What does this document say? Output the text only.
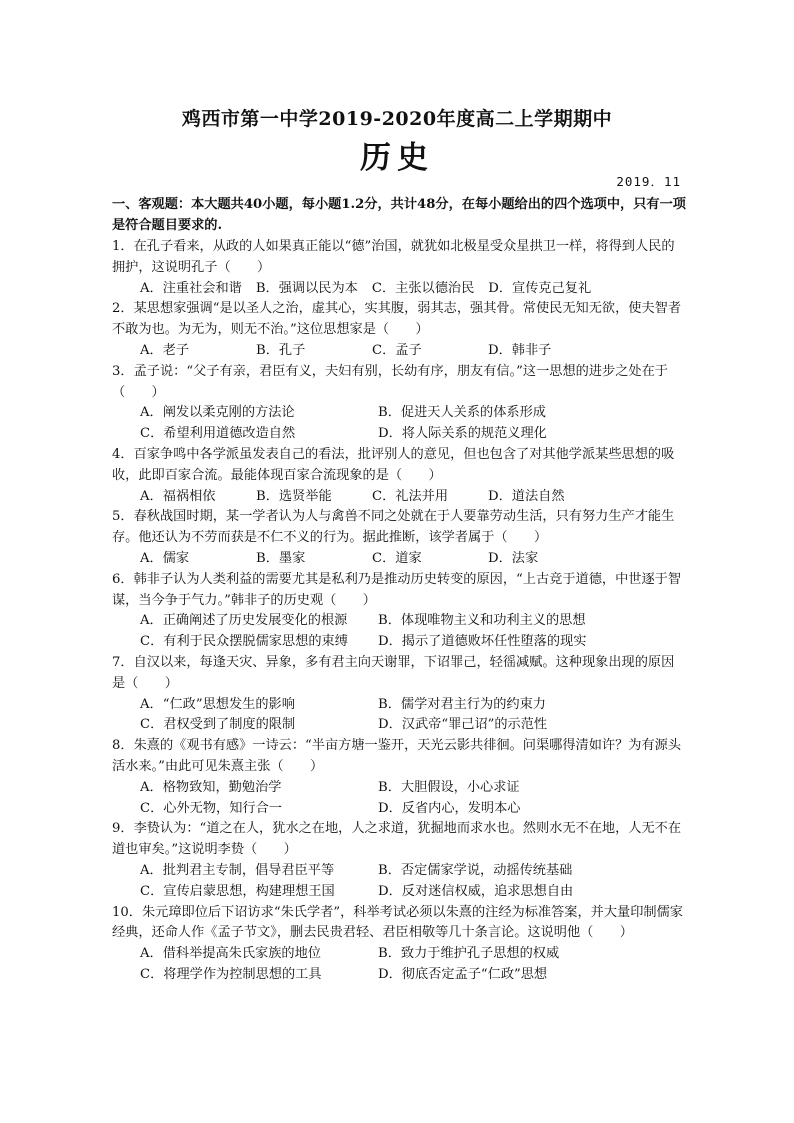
鸡西市第一中学2019-2020年度高二上学期期中
历史
2019．11
一、客观题：本大题共40小题，每小题1.2分，共计48分，在每小题给出的四个选项中，只有一项是符合题目要求的.

1．在孔子看来，从政的人如果真正能以“德”治国，就犹如北极星受众星拱卫一样，将得到人民的拥护，这说明孔子（　　）

A．注重社会和谐 B．强调以民为本 C．主张以德治民 D．宣传克己复礼

2．某思想家强调“是以圣人之治，虚其心，实其腹，弱其志，强其骨。常使民无知无欲，使夫智者不敢为也。为无为，则无不治。”这位思想家是（　　）

A．老子	B．孔子	C．孟子	D．韩非子

3．孟子说：“父子有亲，君臣有义，夫妇有别，长幼有序，朋友有信。”这一思想的进步之处在于（　　）

A．阐发以柔克刚的方法论	B．促进天人关系的体系形成
C．希望利用道德改造自然	D．将人际关系的规范义理化

4．百家争鸣中各学派虽发表自己的看法，批评别人的意见，但也包含了对其他学派某些思想的吸收，此即百家合流。最能体现百家合流现象的是（　　）

A．福祸相依	B．选贤举能	C．礼法并用	D．道法自然

5．春秋战国时期，某一学者认为人与禽兽不同之处就在于人要靠劳动生活，只有努力生产才能生存。他还认为不劳而获是不仁不义的行为。据此推断，该学者属于（　　）

A．儒家	B．墨家	C．道家	D．法家

6．韩非子认为人类利益的需要尤其是私利乃是推动历史转变的原因，“上古竞于道德，中世逐于智谋，当今争于气力。”韩非子的历史观（　　）

A．正确阐述了历史发展变化的根源	B．体现唯物主义和功利主义的思想
C．有利于民众摆脱儒家思想的束缚	D．揭示了道德败坏任性堕落的现实

7．自汉以来，每逢天灾、异象，多有君主向天谢罪，下诏罪己，轻徭减赋。这种现象出现的原因是（　　）

A．“仁政”思想发生的影响	B．儒学对君主行为的约束力
C．君权受到了制度的限制	D．汉武帝“罪己诏”的示范性

8．朱熹的《观书有感》一诗云：“半亩方塘一鉴开，天光云影共徘徊。问渠哪得清如许？为有源头活水来。”由此可见朱熹主张（　　）

A．格物致知，勤勉治学	B．大胆假设，小心求证
C．心外无物，知行合一	D．反省内心，发明本心

9．李贽认为：“道之在人，犹水之在地，人之求道，犹掘地而求水也。然则水无不在地，人无不在道也审矣。”这说明李贽（　　）

A．批判君主专制，倡导君臣平等	B．否定儒家学说，动摇传统基础
C．宣传启蒙思想，构建理想王国	D．反对迷信权威，追求思想自由

10．朱元璋即位后下诏访求“朱氏学者”，科举考试必须以朱熹的注经为标准答案，并大量印制儒家经典，还命人作《孟子节文》，删去民贵君轻、君臣相敬等几十条言论。这说明他（　　）

A．借科举提高朱氏家族的地位	B．致力于维护孔子思想的权威
C．将理学作为控制思想的工具	D．彻底否定孟子“仁政”思想
